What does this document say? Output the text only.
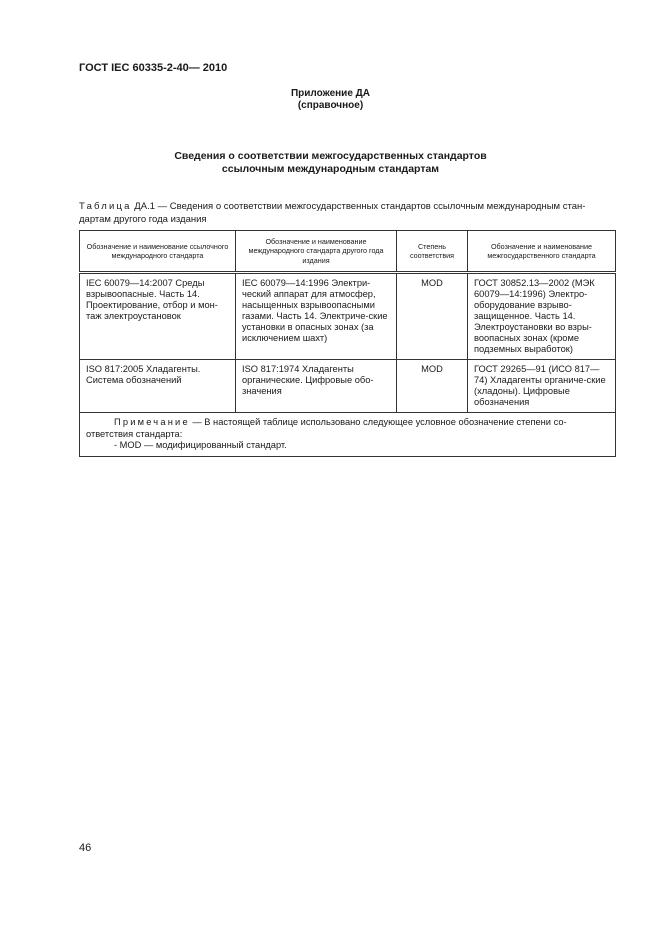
ГОСТ IEC 60335-2-40— 2010
Приложение ДА
(справочное)
Сведения о соответствии межгосударственных стандартов
ссылочным международным стандартам
Таблица ДА.1 — Сведения о соответствии межгосударственных стандартов ссылочным международным стан-дартам другого года издания
Обозначение и наименование ссылочного международного стандарта	Обозначение и наименование международного стандарта другого года издания	Степень соответствия	Обозначение и наименование межгосударственного стандарта
IEC 60079—14:2007 Среды взрывоопасные. Часть 14. Проектирование, отбор и мон-таж электроустановок	IEC 60079—14:1996 Электри-ческий аппарат для атмосфер, насыщенных взрывоопасными газами. Часть 14. Электриче-ские установки в опасных зонах (за исключением шахт)	MOD	ГОСТ 30852.13—2002 (МЭК 60079—14:1996) Электро-оборудование взрыво-защищенное. Часть 14. Электроустановки во взры-воопасных зонах (кроме подземных выработок)
ISO 817:2005 Хладагенты. Система обозначений	ISO 817:1974 Хладагенты органические. Цифровые обо-значения	MOD	ГОСТ 29265—91 (ИСО 817—74) Хладагенты органиче-ские (хладоны). Цифровые обозначения

Примечание — В настоящей таблице использовано следующее условное обозначение степени со-ответствия стандарта:
- MOD — модифицированный стандарт.			
46
